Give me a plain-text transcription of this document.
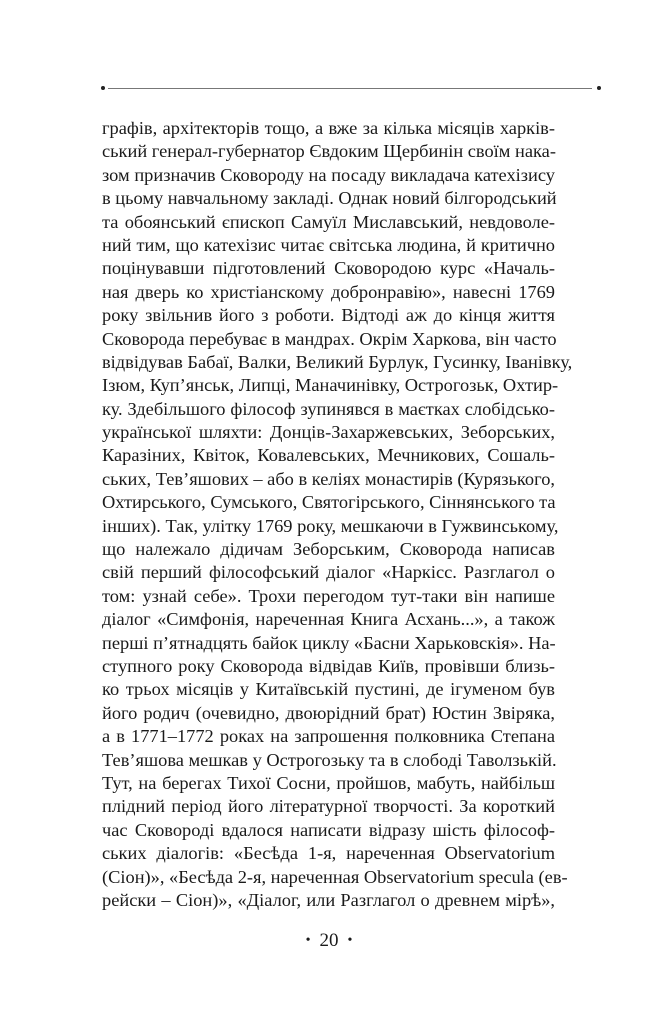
графів, архітекторів тощо, а вже за кілька місяців харків-
ський генерал-губернатор Євдоким Щербинін своїм нака-
зом призначив Сковороду на посаду викладача катехізису
в цьому навчальному закладі. Однак новий білгородський
та обоянський єпископ Самуїл Миславський, невдоволе-
ний тим, що катехізис читає світська людина, й критично
поцінувавши підготовлений Сковородою курс «Началь-
ная дверь ко христіанскому добронравію», навесні 1769
року звільнив його з роботи. Відтоді аж до кінця життя
Сковорода перебуває в мандрах. Окрім Харкова, він часто
відвідував Бабаї, Валки, Великий Бурлук, Гусинку, Іванівку,
Ізюм, Куп’янськ, Липці, Маначинівку, Острогозьк, Охтир-
ку. Здебільшого філософ зупинявся в маєтках слобідсько-
української шляхти: Донців-Захаржевських, Зеборських,
Каразіних, Квіток, Ковалевських, Мечникових, Сошаль-
ських, Тев’яшових – або в келіях монастирів (Курязького,
Охтирського, Сумського, Святогірського, Сіннянського та
інших). Так, улітку 1769 року, мешкаючи в Гужвинському,
що належало дідичам Зеборським, Сковорода написав
свій перший філософський діалог «Наркісс. Разглагол о
том: узнай себе». Трохи перегодом тут-таки він напише
діалог «Симфонія, нареченная Книга Асхань...», а також
перші п’ятнадцять байок циклу «Басни Харьковскія». На-
ступного року Сковорода відвідав Київ, провівши близь-
ко трьох місяців у Китаївській пустині, де ігуменом був
його родич (очевидно, двоюрідний брат) Юстин Звіряка,
а в 1771–1772 роках на запрошення полковника Степана
Тев’яшова мешкав у Острогозьку та в слободі Таволзькій.
Тут, на берегах Тихої Сосни, пройшов, мабуть, найбільш
плідний період його літературної творчості. За короткий
час Сковороді вдалося написати відразу шість філософ-
ських діалогів: «Бесѣда 1-я, нареченная Observatorium
(Сіон)», «Бесѣда 2-я, нареченная Observatorium specula (ев-
рейски – Сіон)», «Діалог, или Разглагол о древнем мірѣ»,
• 20 •
